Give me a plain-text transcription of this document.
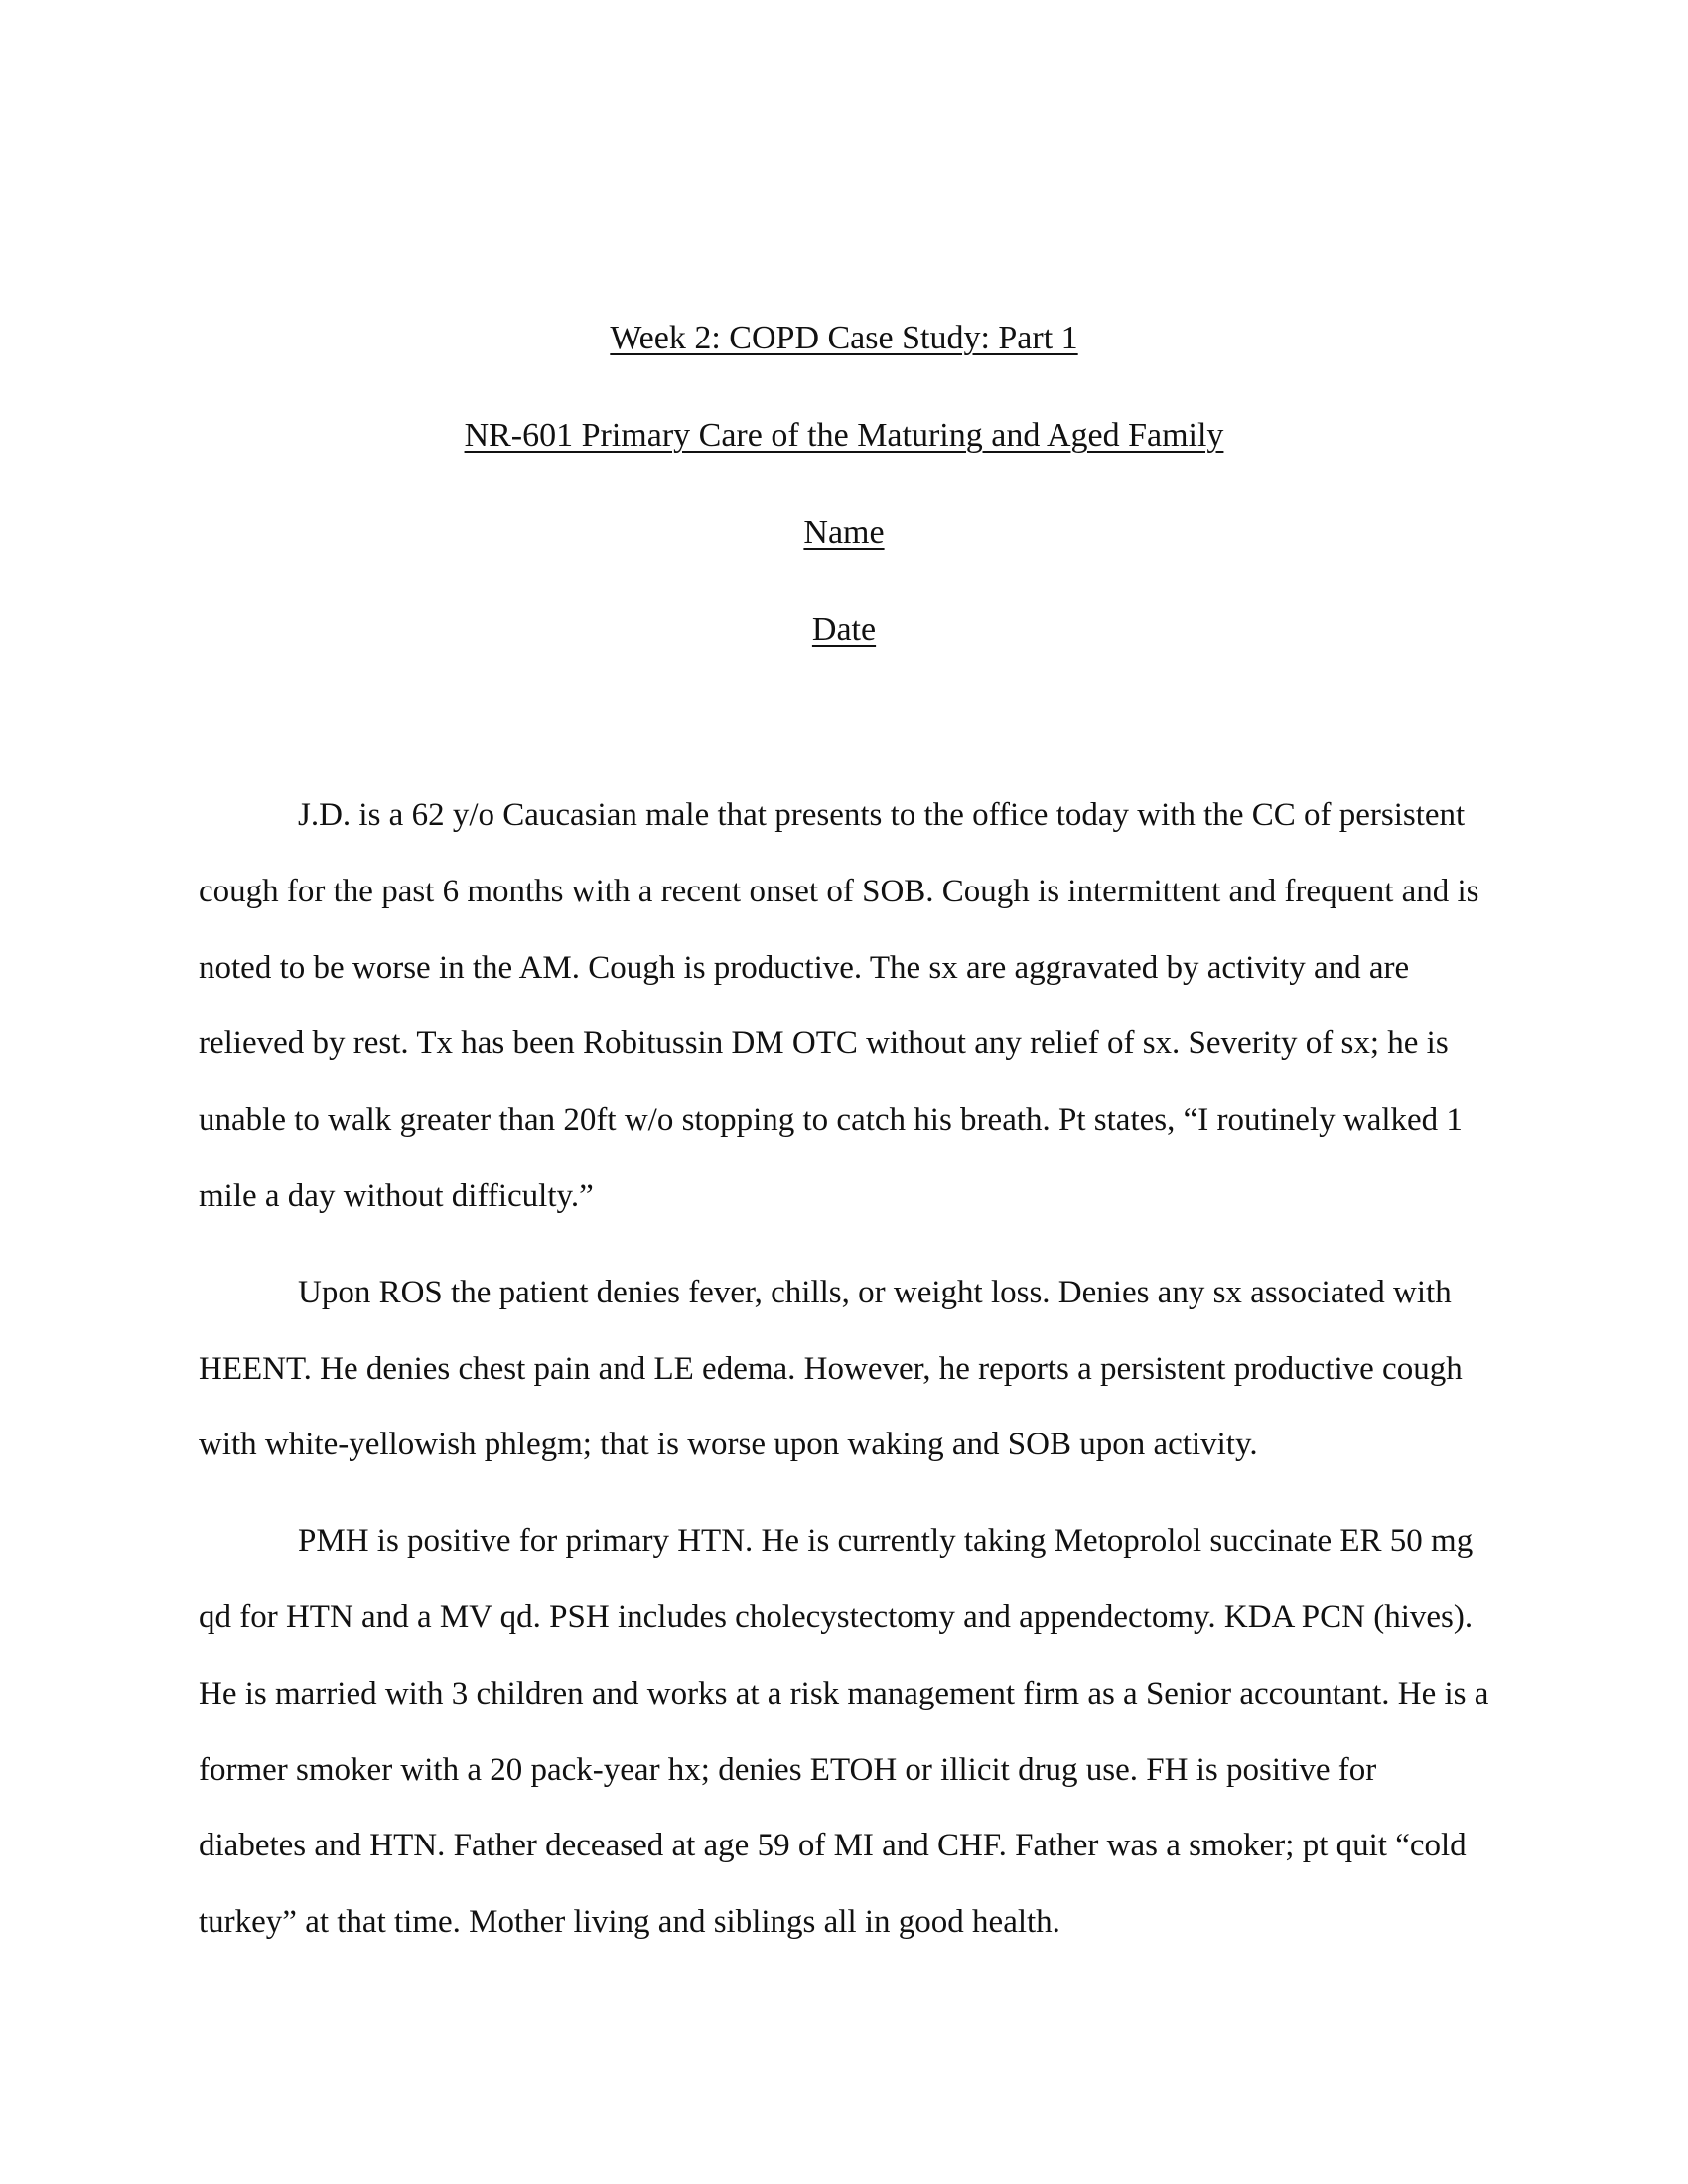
Week 2: COPD Case Study: Part 1
NR-601 Primary Care of the Maturing and Aged Family
Name
Date

J.D. is a 62 y/o Caucasian male that presents to the office today with the CC of persistent cough for the past 6 months with a recent onset of SOB. Cough is intermittent and frequent and is noted to be worse in the AM. Cough is productive. The sx are aggravated by activity and are relieved by rest. Tx has been Robitussin DM OTC without any relief of sx. Severity of sx; he is unable to walk greater than 20ft w/o stopping to catch his breath. Pt states, “I routinely walked 1 mile a day without difficulty.”

Upon ROS the patient denies fever, chills, or weight loss. Denies any sx associated with HEENT. He denies chest pain and LE edema. However, he reports a persistent productive cough with white-yellowish phlegm; that is worse upon waking and SOB upon activity.

PMH is positive for primary HTN. He is currently taking Metoprolol succinate ER 50 mg qd for HTN and a MV qd. PSH includes cholecystectomy and appendectomy. KDA PCN (hives). He is married with 3 children and works at a risk management firm as a Senior accountant. He is a former smoker with a 20 pack-year hx; denies ETOH or illicit drug use. FH is positive for diabetes and HTN. Father deceased at age 59 of MI and CHF. Father was a smoker; pt quit “cold turkey” at that time. Mother living and siblings all in good health.
